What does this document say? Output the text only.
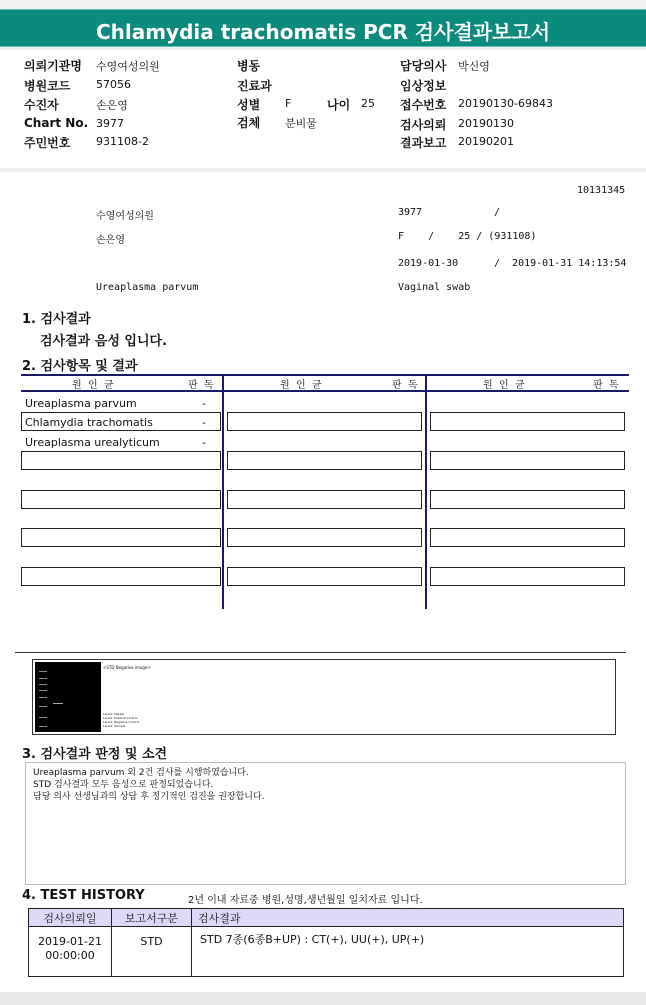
Chlamydia trachomatis PCR 검사결과보고서
의뢰기관명 수영여성의원
병원코드 57056
수진자	손은영
Chart No. 3977
주민번호 931108-2
병동
진료과
성별 F	나이 25
검체 분비물
담당의사 박신영
임상정보
접수번호 20190130-69843
검사의뢰 20190130
결과보고 20190201
10131345
수영여성의원	3977	/
손은영	F    /    25 / (931108)
2019-01-30	/  2019-01-31 14:13:54
Ureaplasma parvum	Vaginal swab
1. 검사결과
검사결과 음성 입니다.
2. 검사항목 및 결과
원  인  균	판  독	원  인  균	판  독	원  인  균	판  독
Ureaplasma parvum	-
Chlamydia trachomatis	-
Ureaplasma urealyticum	-
<STD Negative image>
Lane1: Marker
Lane2: Positive Control
Lane3: Negative Control
Lane4: Sample
3. 검사결과 판정 및 소견
Ureaplasma parvum 외 2건 검사를 시행하였습니다.
STD 검사결과 모두 음성으로 판정되었습니다.
담당 의사 선생님과의 상담 후 정기적인 검진을 권장합니다.
4. TEST HISTORY	2년 이내 자료중 병원,성명,생년월일 일치자료 입니다.
검사의뢰일	보고서구분	검사결과

2019-01-21
00:00:00	STD	STD 7종(6종B+UP) : CT(+), UU(+), UP(+)
